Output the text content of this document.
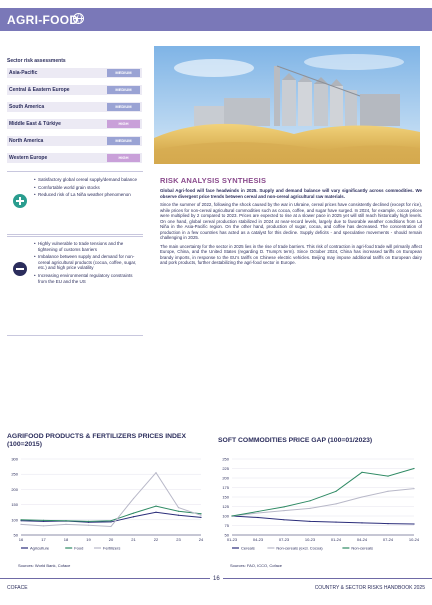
AGRI-FOOD
Sector risk assessments
Asia-Pacific	MEDIUM
Central & Eastern Europe	MEDIUM
South America	MEDIUM
Middle East & Türkiye	HIGH
North America	MEDIUM
Western Europe	HIGH
• Satisfactory global cereal supply/demand balance
• Comfortable world grain stocks
• Reduced risk of La Niña weather phenomenon
• Highly vulnerable to trade tensions and the tightening of customs barriers
• Imbalance between supply and demand for non-cereal agricultural products (cocoa, coffee, sugar, etc.) and high price volatility
• Increasing environmental regulatory constraints from the EU and the US
RISK ANALYSIS SYNTHESIS

Global Agri-food will face headwinds in 2025. Supply and demand balance will vary significantly across commodities. We observe divergent price trends between cereal and non-cereal agricultural raw materials.

Since the summer of 2022, following the shock caused by the war in Ukraine, cereal prices have consistently declined (except for rice), while prices for non-cereal agricultural commodities such as cocoa, coffee, and sugar have surged. In 2024, for example, cocoa prices were multiplied by 2 compared to 2023. Prices are expected to rise at a slower pace in 2025 yet will still reach historically high levels. On one hand, global cereal production stabilized in 2024 at near-record levels, largely due to favorable weather conditions from La Niña in the Asia-Pacific region. On the other hand, production of sugar, cocoa, and coffee has decreased. The concentration of production in a few countries has acted as a catalyst for this decline. Supply deficits - and speculative movements - should remain challenging in 2025.

The main uncertainty for the sector in 2025 lies in the rise of trade barriers. This risk of contraction in agri-food trade will primarily affect Europe, China, and the United States (regarding D. Trump's term). Since October 2024, China has increased tariffs on European brandy imports, in response to the EU's tariffs on Chinese electric vehicles. Beijing may impose additional tariffs on European dairy and pork products, further destabilizing the agri-food sector in Europe.

AGRIFOOD PRODUCTS & FERTILIZERS PRICES INDEX (100=2015)
50
100
150
200
250
300
16	17	18	19	20	21	22	23	24
Agriculture	Food	Fertilizers
Sources: World Bank, Coface
SOFT COMMODITIES PRICE GAP (100=01/2023)
50
75
100
125
150
175
200
225
250
01-23	04-23	07-23	10-23	01-24	04-24	07-24	10-24
Cereals	Non-cereals (excl. Cocoa)	Non-cereals
Sources: FAO, ICCO, Coface
16
COFACE	COUNTRY & SECTOR RISKS HANDBOOK 2025
